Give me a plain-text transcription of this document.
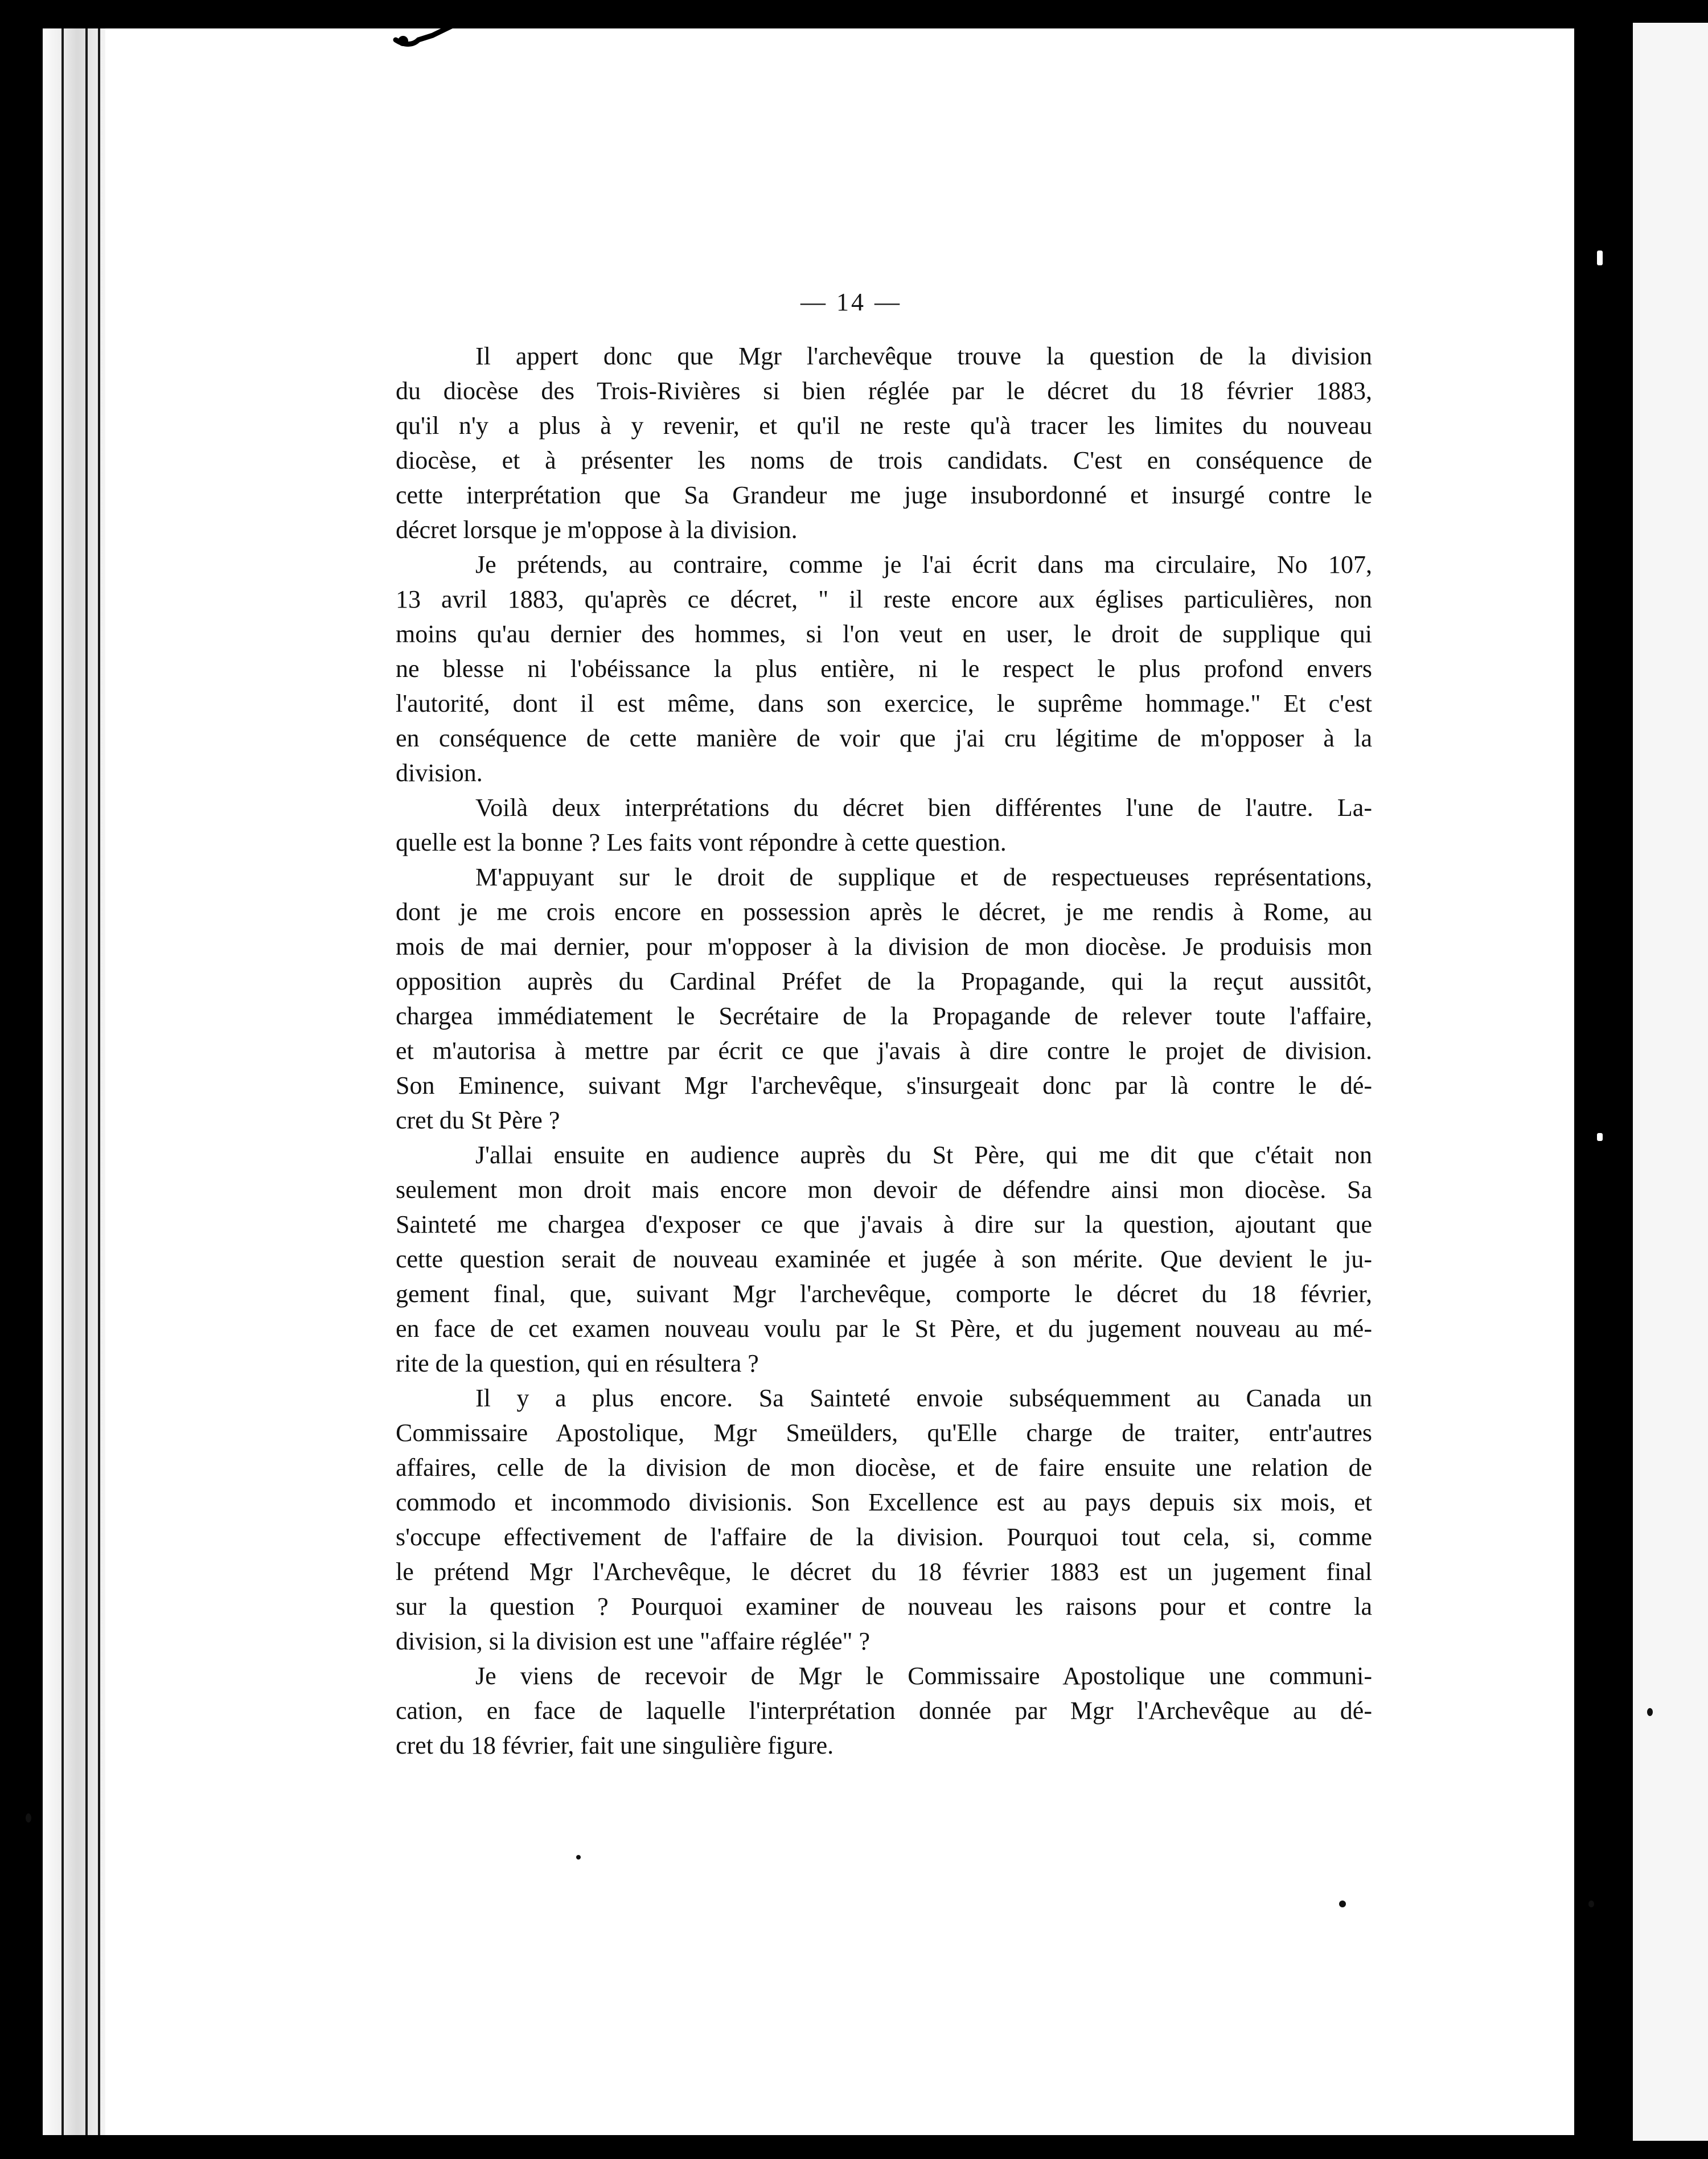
— 14 —

Il appert donc que Mgr l'archevêque trouve la question de la division

du diocèse des Trois-Rivières si bien réglée par le décret du 18 février 1883,

qu'il n'y a plus à y revenir, et qu'il ne reste qu'à tracer les limites du nouveau

diocèse, et à présenter les noms de trois candidats. C'est en conséquence de

cette interprétation que Sa Grandeur me juge insubordonné et insurgé contre le

décret lorsque je m'oppose à la division.

Je prétends, au contraire, comme je l'ai écrit dans ma circulaire, No 107,

13 avril 1883, qu'après ce décret, " il reste encore aux églises particulières, non

moins qu'au dernier des hommes, si l'on veut en user, le droit de supplique qui

ne blesse ni l'obéissance la plus entière, ni le respect le plus profond envers

l'autorité, dont il est même, dans son exercice, le suprême hommage." Et c'est

en conséquence de cette manière de voir que j'ai cru légitime de m'opposer à la

division.

Voilà deux interprétations du décret bien différentes l'une de l'autre. La-

quelle est la bonne ? Les faits vont répondre à cette question.

M'appuyant sur le droit de supplique et de respectueuses représentations,

dont je me crois encore en possession après le décret, je me rendis à Rome, au

mois de mai dernier, pour m'opposer à la division de mon diocèse. Je produisis mon

opposition auprès du Cardinal Préfet de la Propagande, qui la reçut aussitôt,

chargea immédiatement le Secrétaire de la Propagande de relever toute l'affaire,

et m'autorisa à mettre par écrit ce que j'avais à dire contre le projet de division.

Son Eminence, suivant Mgr l'archevêque, s'insurgeait donc par là contre le dé-

cret du St Père ?

J'allai ensuite en audience auprès du St Père, qui me dit que c'était non

seulement mon droit mais encore mon devoir de défendre ainsi mon diocèse. Sa

Sainteté me chargea d'exposer ce que j'avais à dire sur la question, ajoutant que

cette question serait de nouveau examinée et jugée à son mérite. Que devient le ju-

gement final, que, suivant Mgr l'archevêque, comporte le décret du 18 février,

en face de cet examen nouveau voulu par le St Père, et du jugement nouveau au mé-

rite de la question, qui en résultera ?

Il y a plus encore. Sa Sainteté envoie subséquemment au Canada un

Commissaire Apostolique, Mgr Smeülders, qu'Elle charge de traiter, entr'autres

affaires, celle de la division de mon diocèse, et de faire ensuite une relation de

commodo et incommodo divisionis. Son Excellence est au pays depuis six mois, et

s'occupe effectivement de l'affaire de la division. Pourquoi tout cela, si, comme

le prétend Mgr l'Archevêque, le décret du 18 février 1883 est un jugement final

sur la question ? Pourquoi examiner de nouveau les raisons pour et contre la

division, si la division est une "affaire réglée" ?

Je viens de recevoir de Mgr le Commissaire Apostolique une communi-

cation, en face de laquelle l'interprétation donnée par Mgr l'Archevêque au dé-

cret du 18 février, fait une singulière figure.
